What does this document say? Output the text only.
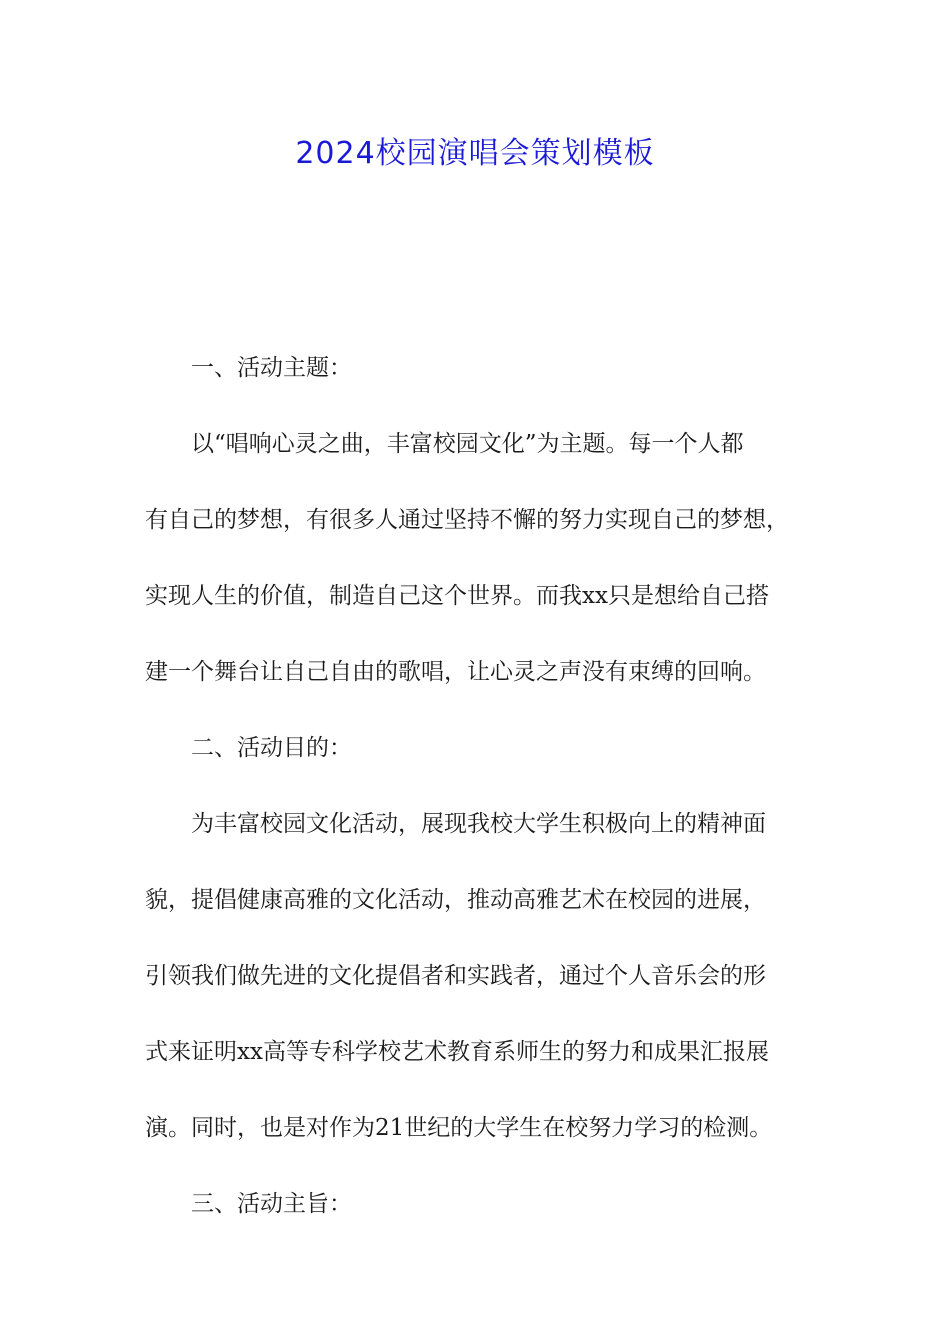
2024校园演唱会策划模板

一、活动主题：

以“唱响心灵之曲，丰富校园文化”为主题。每一个人都

有自己的梦想，有很多人通过坚持不懈的努力实现自己的梦想，

实现人生的价值，制造自己这个世界。而我xx只是想给自己搭

建一个舞台让自己自由的歌唱，让心灵之声没有束缚的回响。

二、活动目的：

为丰富校园文化活动，展现我校大学生积极向上的精神面

貌，提倡健康高雅的文化活动，推动高雅艺术在校园的进展，

引领我们做先进的文化提倡者和实践者，通过个人音乐会的形

式来证明xx高等专科学校艺术教育系师生的努力和成果汇报展

演。同时，也是对作为21世纪的大学生在校努力学习的检测。

三、活动主旨：
